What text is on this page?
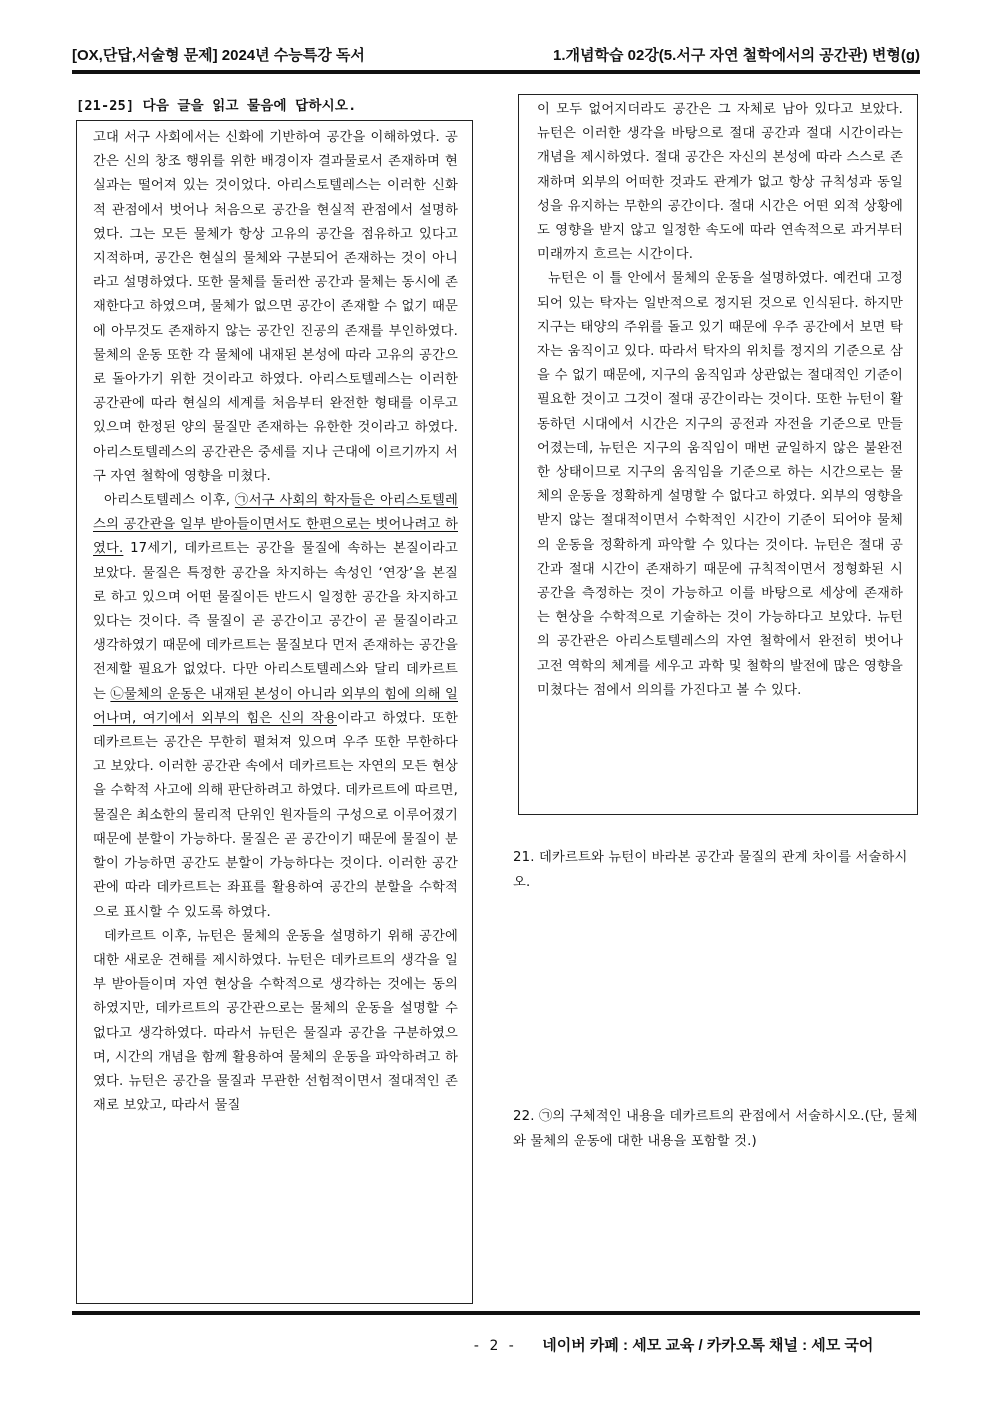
[OX,단답,서술형 문제] 2024년 수능특강 독서	1.개념학습 02강(5.서구 자연 철학에서의 공간관) 변형(g)
[21-25] 다음 글을 읽고 물음에 답하시오.

고대 서구 사회에서는 신화에 기반하여 공간을 이해하였다. 공간은 신의 창조 행위를 위한 배경이자 결과물로서 존재하며 현실과는 떨어져 있는 것이었다. 아리스토텔레스는 이러한 신화적 관점에서 벗어나 처음으로 공간을 현실적 관점에서 설명하였다. 그는 모든 물체가 항상 고유의 공간을 점유하고 있다고 지적하며, 공간은 현실의 물체와 구분되어 존재하는 것이 아니라고 설명하였다. 또한 물체를 둘러싼 공간과 물체는 동시에 존재한다고 하였으며, 물체가 없으면 공간이 존재할 수 없기 때문에 아무것도 존재하지 않는 공간인 진공의 존재를 부인하였다. 물체의 운동 또한 각 물체에 내재된 본성에 따라 고유의 공간으로 돌아가기 위한 것이라고 하였다. 아리스토텔레스는 이러한 공간관에 따라 현실의 세계를 처음부터 완전한 형태를 이루고 있으며 한정된 양의 물질만 존재하는 유한한 것이라고 하였다. 아리스토텔레스의 공간관은 중세를 지나 근대에 이르기까지 서구 자연 철학에 영향을 미쳤다.

아리스토텔레스 이후, ㉠서구 사회의 학자들은 아리스토텔레스의 공간관을 일부 받아들이면서도 한편으로는 벗어나려고 하였다. 17세기, 데카르트는 공간을 물질에 속하는 본질이라고 보았다. 물질은 특정한 공간을 차지하는 속성인 ‘연장’을 본질로 하고 있으며 어떤 물질이든 반드시 일정한 공간을 차지하고 있다는 것이다. 즉 물질이 곧 공간이고 공간이 곧 물질이라고 생각하였기 때문에 데카르트는 물질보다 먼저 존재하는 공간을 전제할 필요가 없었다. 다만 아리스토텔레스와 달리 데카르트는 ㉡물체의 운동은 내재된 본성이 아니라 외부의 힘에 의해 일어나며, 여기에서 외부의 힘은 신의 작용이라고 하였다. 또한 데카르트는 공간은 무한히 펼쳐져 있으며 우주 또한 무한하다고 보았다. 이러한 공간관 속에서 데카르트는 자연의 모든 현상을 수학적 사고에 의해 판단하려고 하였다. 데카르트에 따르면, 물질은 최소한의 물리적 단위인 원자들의 구성으로 이루어졌기 때문에 분할이 가능하다. 물질은 곧 공간이기 때문에 물질이 분할이 가능하면 공간도 분할이 가능하다는 것이다. 이러한 공간관에 따라 데카르트는 좌표를 활용하여 공간의 분할을 수학적으로 표시할 수 있도록 하였다.

데카르트 이후, 뉴턴은 물체의 운동을 설명하기 위해 공간에 대한 새로운 견해를 제시하였다. 뉴턴은 데카르트의 생각을 일부 받아들이며 자연 현상을 수학적으로 생각하는 것에는 동의하였지만, 데카르트의 공간관으로는 물체의 운동을 설명할 수 없다고 생각하였다. 따라서 뉴턴은 물질과 공간을 구분하였으며, 시간의 개념을 함께 활용하여 물체의 운동을 파악하려고 하였다. 뉴턴은 공간을 물질과 무관한 선험적이면서 절대적인 존재로 보았고, 따라서 물질

이 모두 없어지더라도 공간은 그 자체로 남아 있다고 보았다. 뉴턴은 이러한 생각을 바탕으로 절대 공간과 절대 시간이라는 개념을 제시하였다. 절대 공간은 자신의 본성에 따라 스스로 존재하며 외부의 어떠한 것과도 관계가 없고 항상 규칙성과 동일성을 유지하는 무한의 공간이다. 절대 시간은 어떤 외적 상황에도 영향을 받지 않고 일정한 속도에 따라 연속적으로 과거부터 미래까지 흐르는 시간이다.

뉴턴은 이 틀 안에서 물체의 운동을 설명하였다. 예컨대 고정되어 있는 탁자는 일반적으로 정지된 것으로 인식된다. 하지만 지구는 태양의 주위를 돌고 있기 때문에 우주 공간에서 보면 탁자는 움직이고 있다. 따라서 탁자의 위치를 정지의 기준으로 삼을 수 없기 때문에, 지구의 움직임과 상관없는 절대적인 기준이 필요한 것이고 그것이 절대 공간이라는 것이다. 또한 뉴턴이 활동하던 시대에서 시간은 지구의 공전과 자전을 기준으로 만들어졌는데, 뉴턴은 지구의 움직임이 매번 균일하지 않은 불완전한 상태이므로 지구의 움직임을 기준으로 하는 시간으로는 물체의 운동을 정확하게 설명할 수 없다고 하였다. 외부의 영향을 받지 않는 절대적이면서 수학적인 시간이 기준이 되어야 물체의 운동을 정확하게 파악할 수 있다는 것이다. 뉴턴은 절대 공간과 절대 시간이 존재하기 때문에 규칙적이면서 정형화된 시공간을 측정하는 것이 가능하고 이를 바탕으로 세상에 존재하는 현상을 수학적으로 기술하는 것이 가능하다고 보았다. 뉴턴의 공간관은 아리스토텔레스의 자연 철학에서 완전히 벗어나 고전 역학의 체계를 세우고 과학 및 철학의 발전에 많은 영향을 미쳤다는 점에서 의의를 가진다고 볼 수 있다.

21. 데카르트와 뉴턴이 바라본 공간과 물질의 관계 차이를 서술하시오.
22. ㉠의 구체적인 내용을 데카르트의 관점에서 서술하시오.(단, 물체와 물체의 운동에 대한 내용을 포함할 것.)
- 2 - 네이버 카페 : 세모 교육 / 카카오톡 채널 : 세모 국어
